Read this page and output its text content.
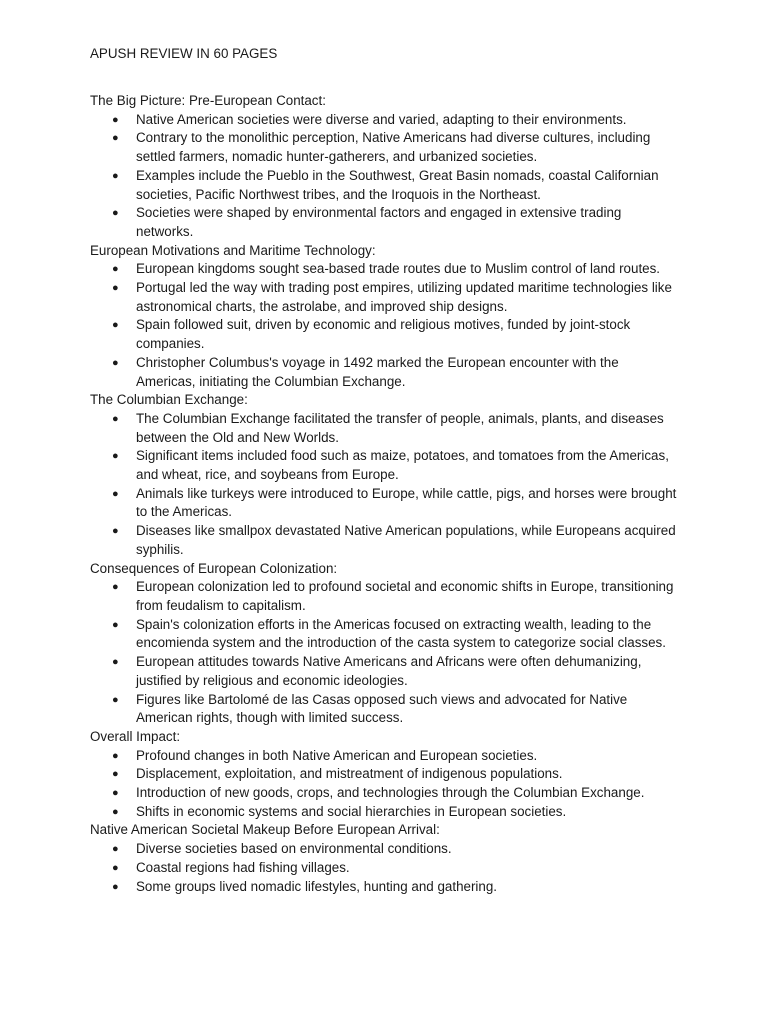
APUSH REVIEW IN 60 PAGES
The Big Picture: Pre-European Contact:
● Native American societies were diverse and varied, adapting to their environments.
● Contrary to the monolithic perception, Native Americans had diverse cultures, including settled farmers, nomadic hunter-gatherers, and urbanized societies.
● Examples include the Pueblo in the Southwest, Great Basin nomads, coastal Californian societies, Pacific Northwest tribes, and the Iroquois in the Northeast.
● Societies were shaped by environmental factors and engaged in extensive trading networks.
European Motivations and Maritime Technology:
● European kingdoms sought sea-based trade routes due to Muslim control of land routes.
● Portugal led the way with trading post empires, utilizing updated maritime technologies like astronomical charts, the astrolabe, and improved ship designs.
● Spain followed suit, driven by economic and religious motives, funded by joint-stock companies.
● Christopher Columbus's voyage in 1492 marked the European encounter with the Americas, initiating the Columbian Exchange.
The Columbian Exchange:
● The Columbian Exchange facilitated the transfer of people, animals, plants, and diseases between the Old and New Worlds.
● Significant items included food such as maize, potatoes, and tomatoes from the Americas, and wheat, rice, and soybeans from Europe.
● Animals like turkeys were introduced to Europe, while cattle, pigs, and horses were brought to the Americas.
● Diseases like smallpox devastated Native American populations, while Europeans acquired syphilis.
Consequences of European Colonization:
● European colonization led to profound societal and economic shifts in Europe, transitioning from feudalism to capitalism.
● Spain's colonization efforts in the Americas focused on extracting wealth, leading to the encomienda system and the introduction of the casta system to categorize social classes.
● European attitudes towards Native Americans and Africans were often dehumanizing, justified by religious and economic ideologies.
● Figures like Bartolomé de las Casas opposed such views and advocated for Native American rights, though with limited success.
Overall Impact:
● Profound changes in both Native American and European societies.
● Displacement, exploitation, and mistreatment of indigenous populations.
● Introduction of new goods, crops, and technologies through the Columbian Exchange.
● Shifts in economic systems and social hierarchies in European societies.
Native American Societal Makeup Before European Arrival:
● Diverse societies based on environmental conditions.
● Coastal regions had fishing villages.
● Some groups lived nomadic lifestyles, hunting and gathering.
